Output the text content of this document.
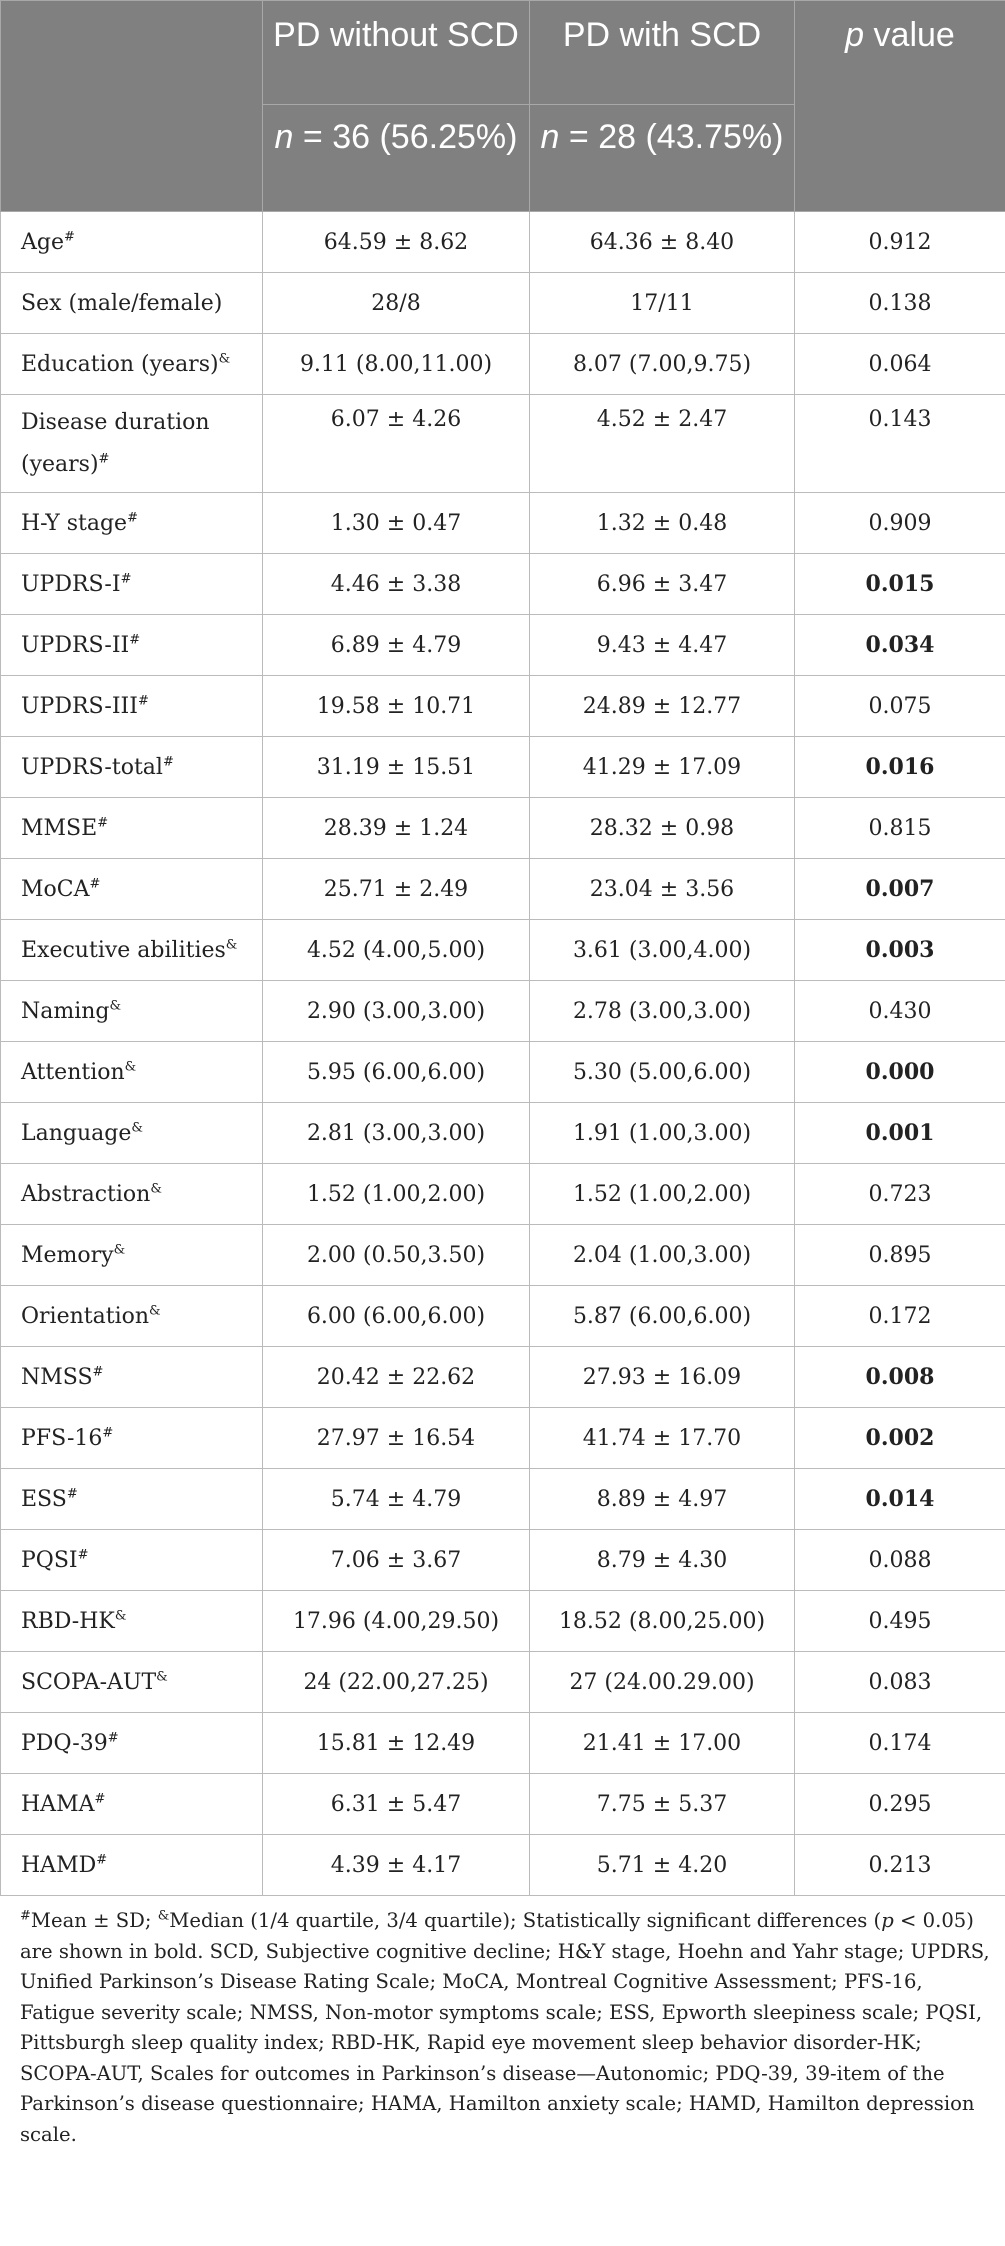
	PD without SCD	PD with SCD	p value
	n = 36 (56.25%)	n = 28 (43.75%)	
Age#	64.59 ± 8.62	64.36 ± 8.40	0.912
Sex (male/female)	28/8	17/11	0.138
Education (years)&	9.11 (8.00,11.00)	8.07 (7.00,9.75)	0.064
Disease duration (years)#	6.07 ± 4.26	4.52 ± 2.47	0.143
H-Y stage#	1.30 ± 0.47	1.32 ± 0.48	0.909
UPDRS-I#	4.46 ± 3.38	6.96 ± 3.47	0.015
UPDRS-II#	6.89 ± 4.79	9.43 ± 4.47	0.034
UPDRS-III#	19.58 ± 10.71	24.89 ± 12.77	0.075
UPDRS-total#	31.19 ± 15.51	41.29 ± 17.09	0.016
MMSE#	28.39 ± 1.24	28.32 ± 0.98	0.815
MoCA#	25.71 ± 2.49	23.04 ± 3.56	0.007
Executive abilities&	4.52 (4.00,5.00)	3.61 (3.00,4.00)	0.003
Naming&	2.90 (3.00,3.00)	2.78 (3.00,3.00)	0.430
Attention&	5.95 (6.00,6.00)	5.30 (5.00,6.00)	0.000
Language&	2.81 (3.00,3.00)	1.91 (1.00,3.00)	0.001
Abstraction&	1.52 (1.00,2.00)	1.52 (1.00,2.00)	0.723
Memory&	2.00 (0.50,3.50)	2.04 (1.00,3.00)	0.895
Orientation&	6.00 (6.00,6.00)	5.87 (6.00,6.00)	0.172
NMSS#	20.42 ± 22.62	27.93 ± 16.09	0.008
PFS-16#	27.97 ± 16.54	41.74 ± 17.70	0.002
ESS#	5.74 ± 4.79	8.89 ± 4.97	0.014
PQSI#	7.06 ± 3.67	8.79 ± 4.30	0.088
RBD-HK&	17.96 (4.00,29.50)	18.52 (8.00,25.00)	0.495
SCOPA-AUT&	24 (22.00,27.25)	27 (24.00.29.00)	0.083
PDQ-39#	15.81 ± 12.49	21.41 ± 17.00	0.174
HAMA#	6.31 ± 5.47	7.75 ± 5.37	0.295
HAMD#	4.39 ± 4.17	5.71 ± 4.20	0.213

#Mean ± SD; &Median (1/4 quartile, 3/4 quartile); Statistically significant differences (p < 0.05) are shown in bold. SCD, Subjective cognitive decline; H&Y stage, Hoehn and Yahr stage; UPDRS, Unified Parkinson’s Disease Rating Scale; MoCA, Montreal Cognitive Assessment; PFS-16, Fatigue severity scale; NMSS, Non-motor symptoms scale; ESS, Epworth sleepiness scale; PQSI, Pittsburgh sleep quality index; RBD-HK, Rapid eye movement sleep behavior disorder-HK; SCOPA-AUT, Scales for outcomes in Parkinson’s disease—Autonomic; PDQ-39, 39-item of the Parkinson’s disease questionnaire; HAMA, Hamilton anxiety scale; HAMD, Hamilton depression scale.
